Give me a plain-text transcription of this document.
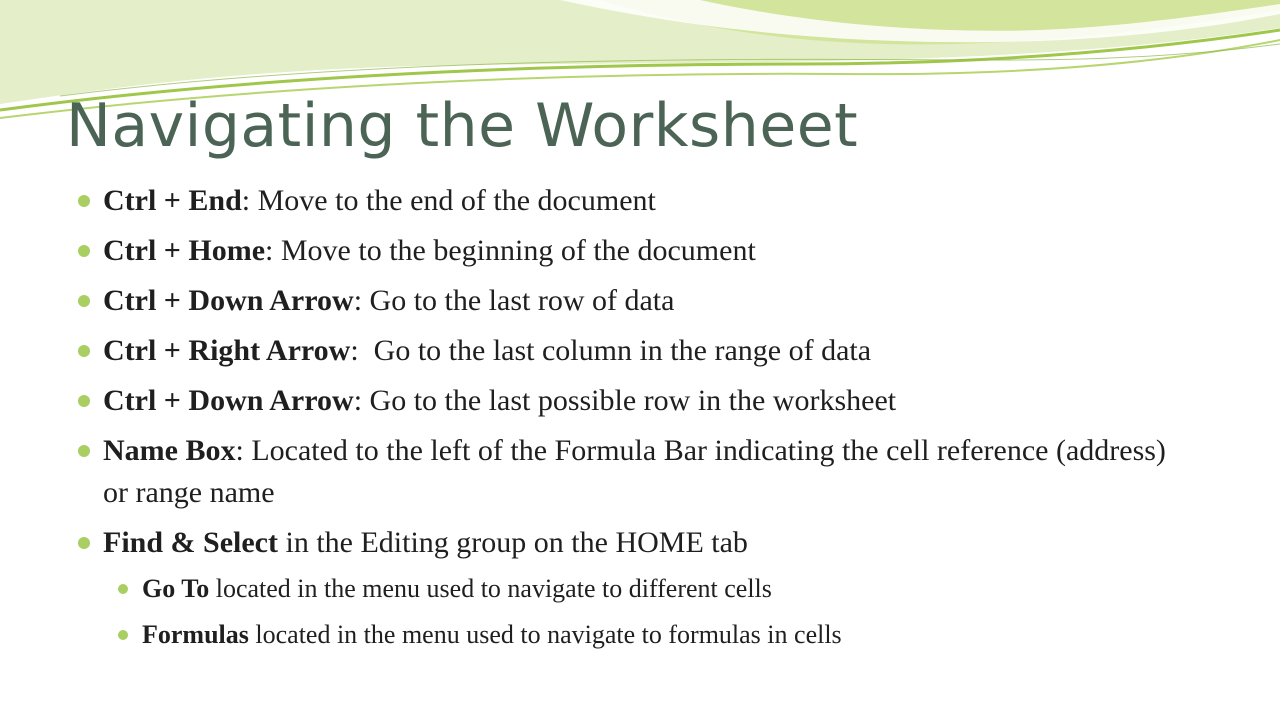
Navigating the Worksheet
Ctrl + End: Move to the end of the document
Ctrl + Home: Move to the beginning of the document
Ctrl + Down Arrow: Go to the last row of data
Ctrl + Right Arrow:  Go to the last column in the range of data
Ctrl + Down Arrow: Go to the last possible row in the worksheet
Name Box: Located to the left of the Formula Bar indicating the cell reference (address) or range name
Find & Select in the Editing group on the HOME tab
Go To located in the menu used to navigate to different cells
Formulas located in the menu used to navigate to formulas in cells
